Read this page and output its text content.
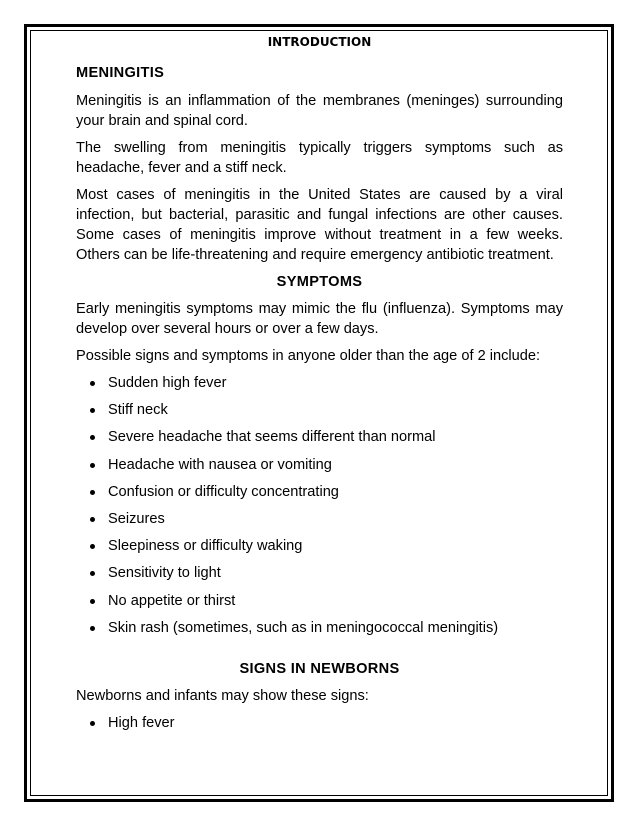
INTRODUCTION

MENINGITIS

Meningitis is an inflammation of the membranes (meninges) surrounding your brain and spinal cord.

The swelling from meningitis typically triggers symptoms such as headache, fever and a stiff neck.

Most cases of meningitis in the United States are caused by a viral infection, but bacterial, parasitic and fungal infections are other causes. Some cases of meningitis improve without treatment in a few weeks. Others can be life-threatening and require emergency antibiotic treatment.

SYMPTOMS

Early meningitis symptoms may mimic the flu (influenza). Symptoms may develop over several hours or over a few days.

Possible signs and symptoms in anyone older than the age of 2 include:

Sudden high fever
Stiff neck
Severe headache that seems different than normal
Headache with nausea or vomiting
Confusion or difficulty concentrating
Seizures
Sleepiness or difficulty waking
Sensitivity to light
No appetite or thirst
Skin rash (sometimes, such as in meningococcal meningitis)

SIGNS IN NEWBORNS

Newborns and infants may show these signs:

High fever
